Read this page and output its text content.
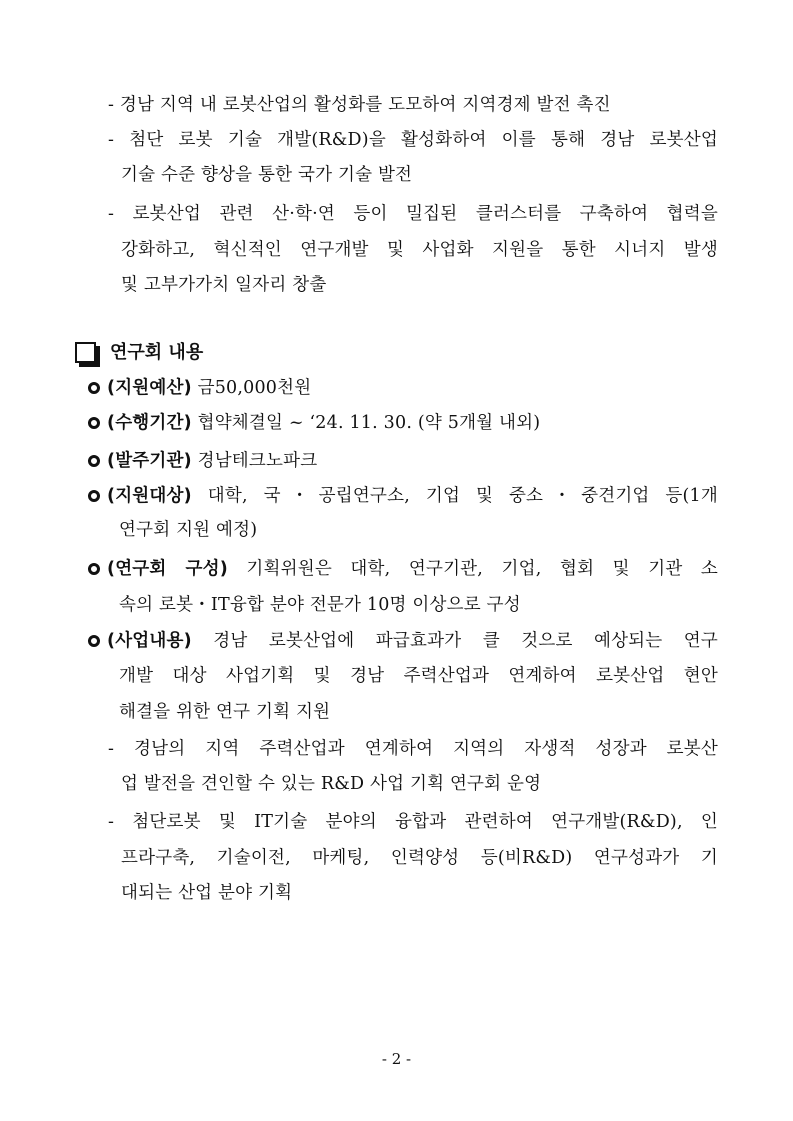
- 경남 지역 내 로봇산업의 활성화를 도모하여 지역경제 발전 촉진
- 첨단 로봇 기술 개발(R&D)을 활성화하여 이를 통해 경남 로봇산업
기술 수준 향상을 통한 국가 기술 발전
- 로봇산업 관련 산·학·연 등이 밀집된 클러스터를 구축하여 협력을
강화하고, 혁신적인 연구개발 및 사업화 지원을 통한 시너지 발생
및 고부가가치 일자리 창출
연구회 내용
(지원예산) 금50,000천원
(수행기간) 협약체결일 ~ ‘24. 11. 30. (약 5개월 내외)
(발주기관) 경남테크노파크
(지원대상) 대학, 국・공립연구소, 기업 및 중소・중견기업 등(1개
연구회 지원 예정)
(연구회 구성) 기획위원은 대학, 연구기관, 기업, 협회 및 기관 소
속의 로봇・IT융합 분야 전문가 10명 이상으로 구성
(사업내용) 경남 로봇산업에 파급효과가 클 것으로 예상되는 연구
개발 대상 사업기획 및 경남 주력산업과 연계하여 로봇산업 현안
해결을 위한 연구 기획 지원
- 경남의 지역 주력산업과 연계하여 지역의 자생적 성장과 로봇산
업 발전을 견인할 수 있는 R&D 사업 기획 연구회 운영
- 첨단로봇 및 IT기술 분야의 융합과 관련하여 연구개발(R&D), 인
프라구축, 기술이전, 마케팅, 인력양성 등(비R&D) 연구성과가 기
대되는 산업 분야 기획
- 2 -
